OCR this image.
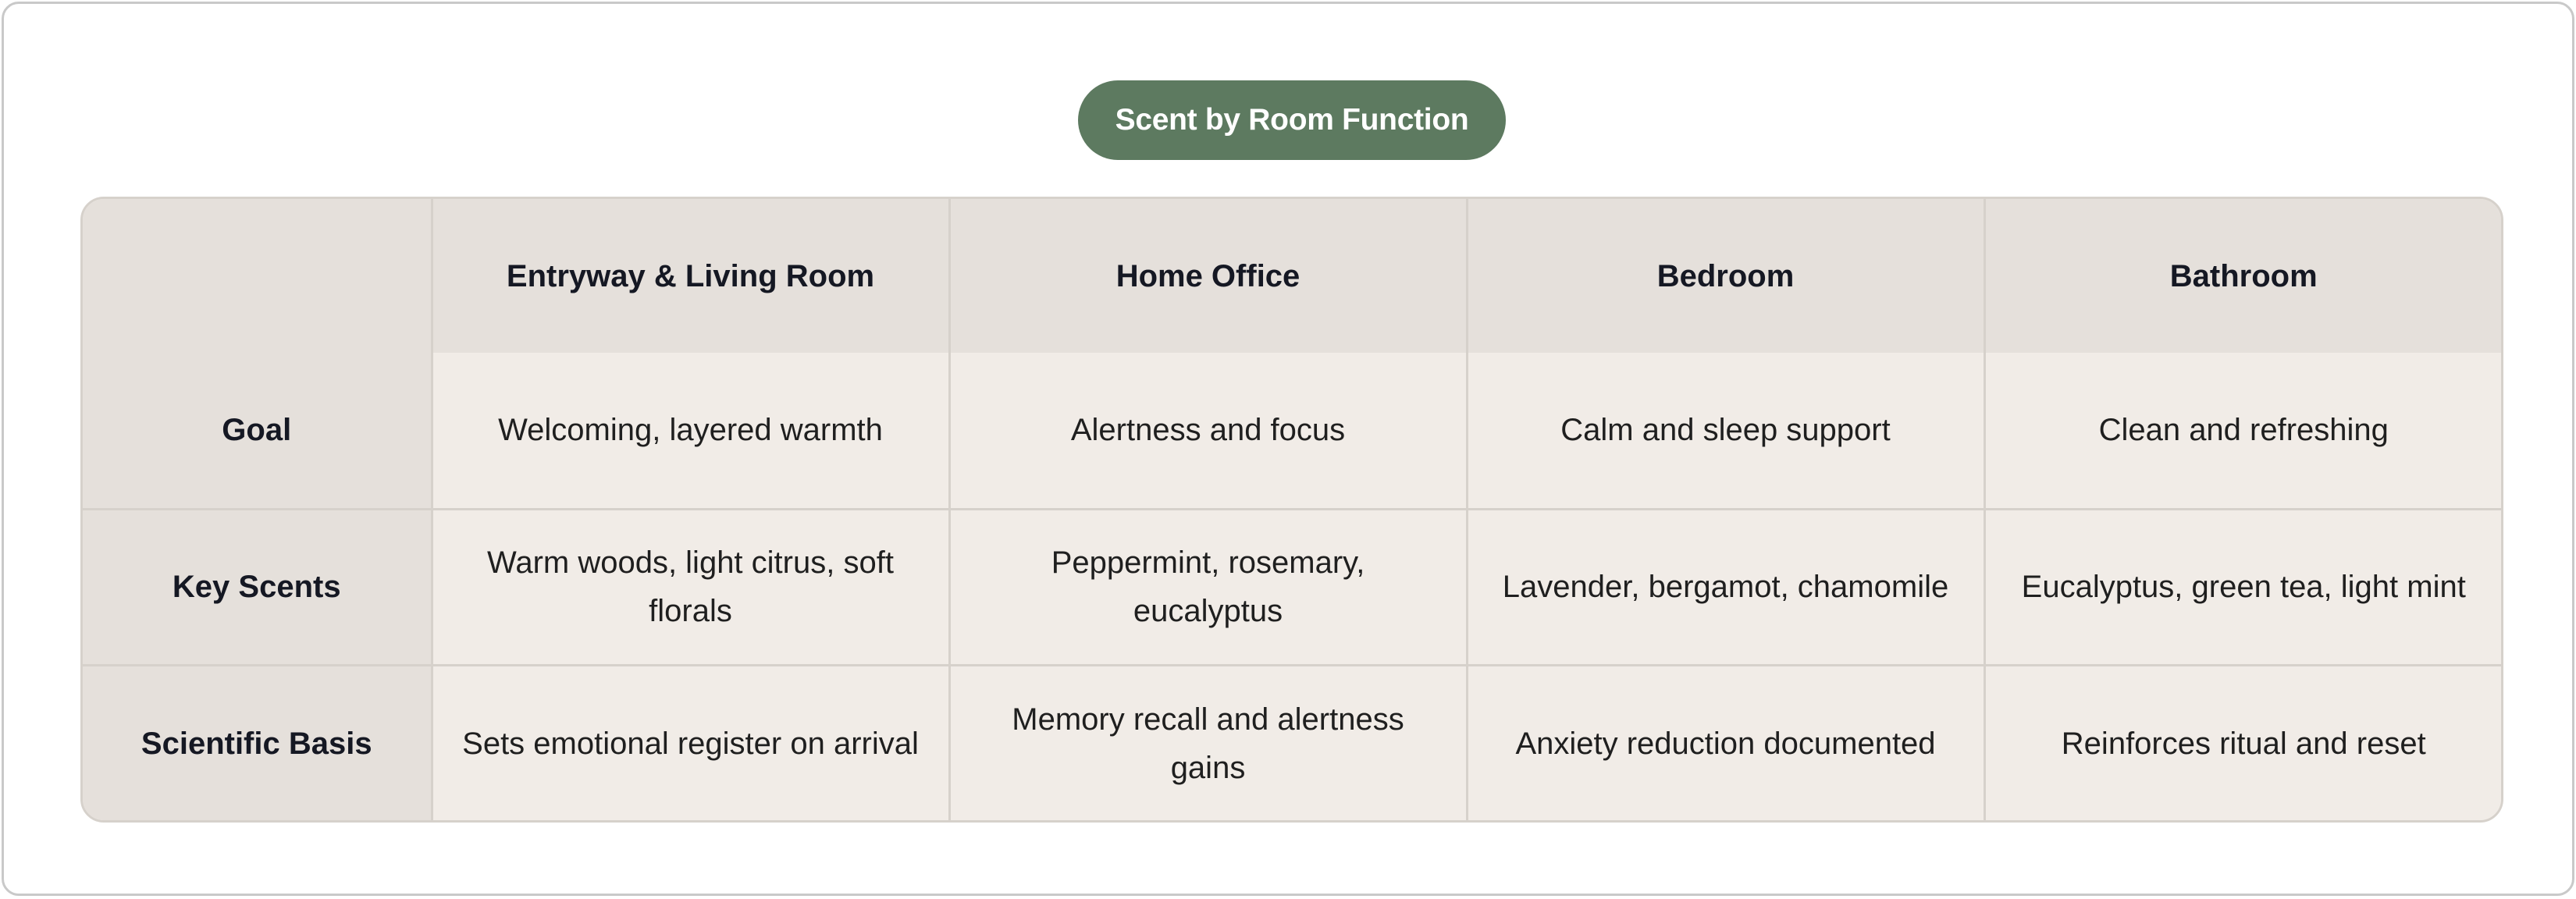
Scent by Room Function
	Entryway & Living Room	Home Office	Bedroom	Bathroom
Goal	Welcoming, layered warmth	Alertness and focus	Calm and sleep support	Clean and refreshing
Key Scents	Warm woods, light citrus, soft florals	Peppermint, rosemary, eucalyptus	Lavender, bergamot, chamomile	Eucalyptus, green tea, light mint
Scientific Basis	Sets emotional register on arrival	Memory recall and alertness gains	Anxiety reduction documented	Reinforces ritual and reset
